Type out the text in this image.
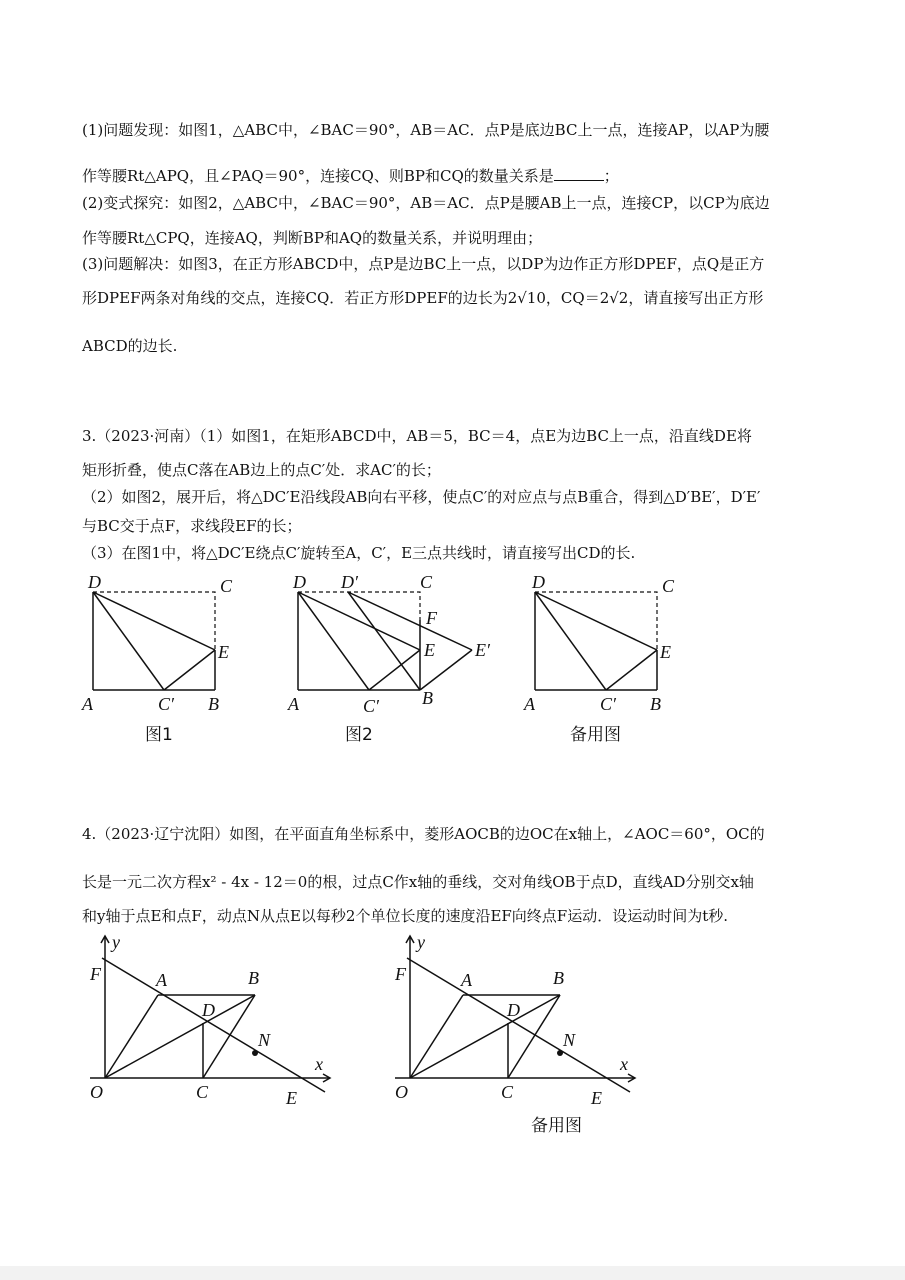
(1)问题发现：如图1，△ABC中，∠BAC＝90°，AB＝AC．点P是底边BC上一点，连接AP，以AP为腰
作等腰Rt△APQ，且∠PAQ＝90°，连接CQ、则BP和CQ的数量关系是	；
(2)变式探究：如图2，△ABC中，∠BAC＝90°，AB＝AC．点P是腰AB上一点，连接CP，以CP为底边
作等腰Rt△CPQ，连接AQ，判断BP和AQ的数量关系，并说明理由；
(3)问题解决：如图3，在正方形ABCD中，点P是边BC上一点，以DP为边作正方形DPEF，点Q是正方
形DPEF两条对角线的交点，连接CQ．若正方形DPEF的边长为2√10，CQ＝2√2，请直接写出正方形
ABCD的边长.
3.（2023·河南）（1）如图1，在矩形ABCD中，AB＝5，BC＝4，点E为边BC上一点，沿直线DE将
矩形折叠，使点C落在AB边上的点C′处．求AC′的长；
（2）如图2，展开后，将△DC′E沿线段AB向右平移，使点C′的对应点与点B重合，得到△D′BE′，D′E′
与BC交于点F，求线段EF的长；
（3）在图1中，将△DC′E绕点C′旋转至A，C′，E三点共线时，请直接写出CD的长.
D	C
E
A	C′ B
图1
D D′	C
F
E E′
A	C′ B
图2
D	C
E
A	C′ B
备用图
4.（2023·辽宁沈阳）如图，在平面直角坐标系中，菱形AOCB的边OC在x轴上，∠AOC＝60°，OC的
长是一元二次方程x² - 4x - 12＝0的根，过点C作x轴的垂线，交对角线OB于点D，直线AD分别交x轴
和y轴于点E和点F，动点N从点E以每秒2个单位长度的速度沿EF向终点F运动．设运动时间为t秒.
y
x
F	A	B
D
N
O	C	E
y
x
F	A	B
D
N
O	C	E
备用图
